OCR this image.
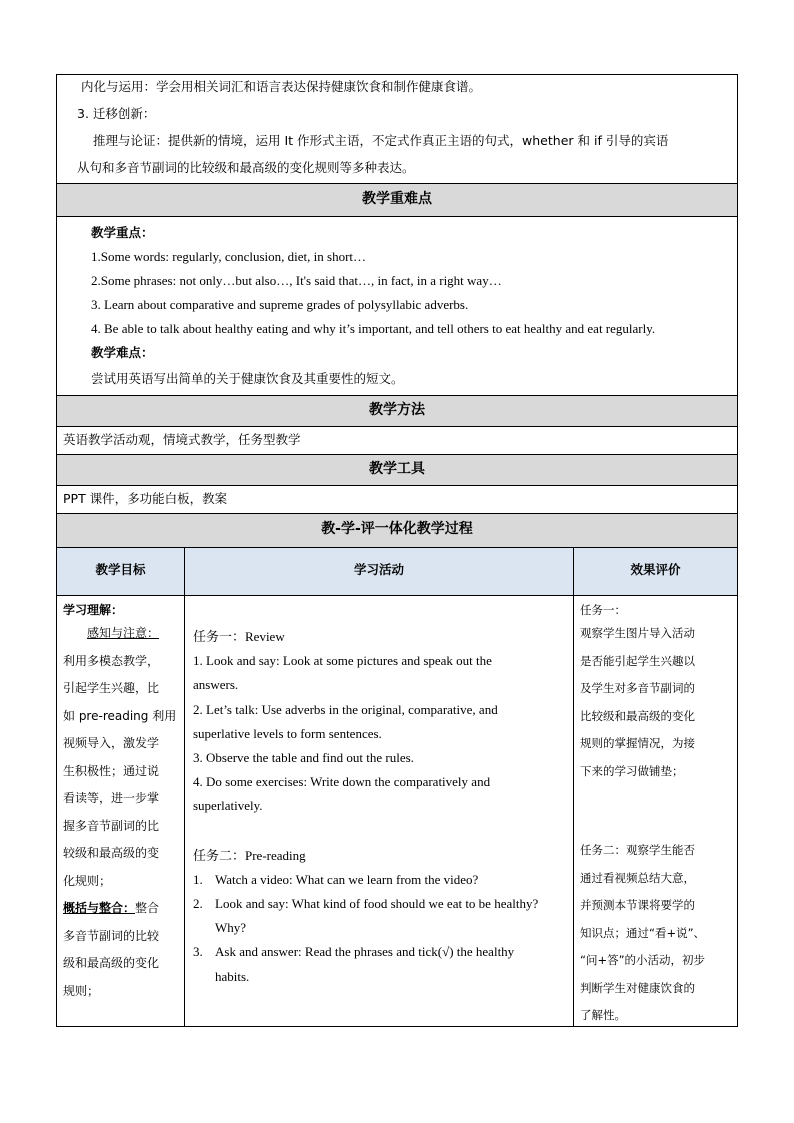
内化与运用：学会用相关词汇和语言表达保持健康饮食和制作健康食谱。
3. 迁移创新：
推理与论证：提供新的情境，运用 It 作形式主语，不定式作真正主语的句式，whether 和 if 引导的宾语
从句和多音节副词的比较级和最高级的变化规则等多种表达。
教学重难点
教学重点：
1.Some words: regularly, conclusion, diet, in short…
2.Some phrases: not only…but also…, It's said that…, in fact, in a right way…
3. Learn about comparative and supreme grades of polysyllabic adverbs.
4. Be able to talk about healthy eating and why it’s important, and tell others to eat healthy and eat regularly.
教学难点：
尝试用英语写出简单的关于健康饮食及其重要性的短文。
教学方法
英语教学活动观，情境式教学，任务型教学
教学工具
PPT 课件，多功能白板，教案
教-学-评一体化教学过程
教学目标	学习活动	效果评价
学习理解：
感知与注意：
利用多模态教学，
引起学生兴趣，比
如 pre-reading 利用
视频导入，激发学
生积极性；通过说
看读等，进一步掌
握多音节副词的比
较级和最高级的变
化规则；
概括与整合：整合
多音节副词的比较
级和最高级的变化
规则；
任务一：Review
1. Look and say: Look at some pictures and speak out the
answers.
2. Let’s talk: Use adverbs in the original, comparative, and
superlative levels to form sentences.
3. Observe the table and find out the rules.
4. Do some exercises: Write down the comparatively and
superlatively.
任务二：Pre-reading
1. Watch a video: What can we learn from the video?
2. Look and say: What kind of food should we eat to be healthy?
Why?
3. Ask and answer: Read the phrases and tick(√) the healthy
habits.
任务一：
观察学生图片导入活动
是否能引起学生兴趣以
及学生对多音节副词的
比较级和最高级的变化
规则的掌握情况，为接
下来的学习做铺垫；
任务二：观察学生能否
通过看视频总结大意，
并预测本节课将要学的
知识点；通过“看+说”、
“问+答”的小活动，初步
判断学生对健康饮食的
了解性。
